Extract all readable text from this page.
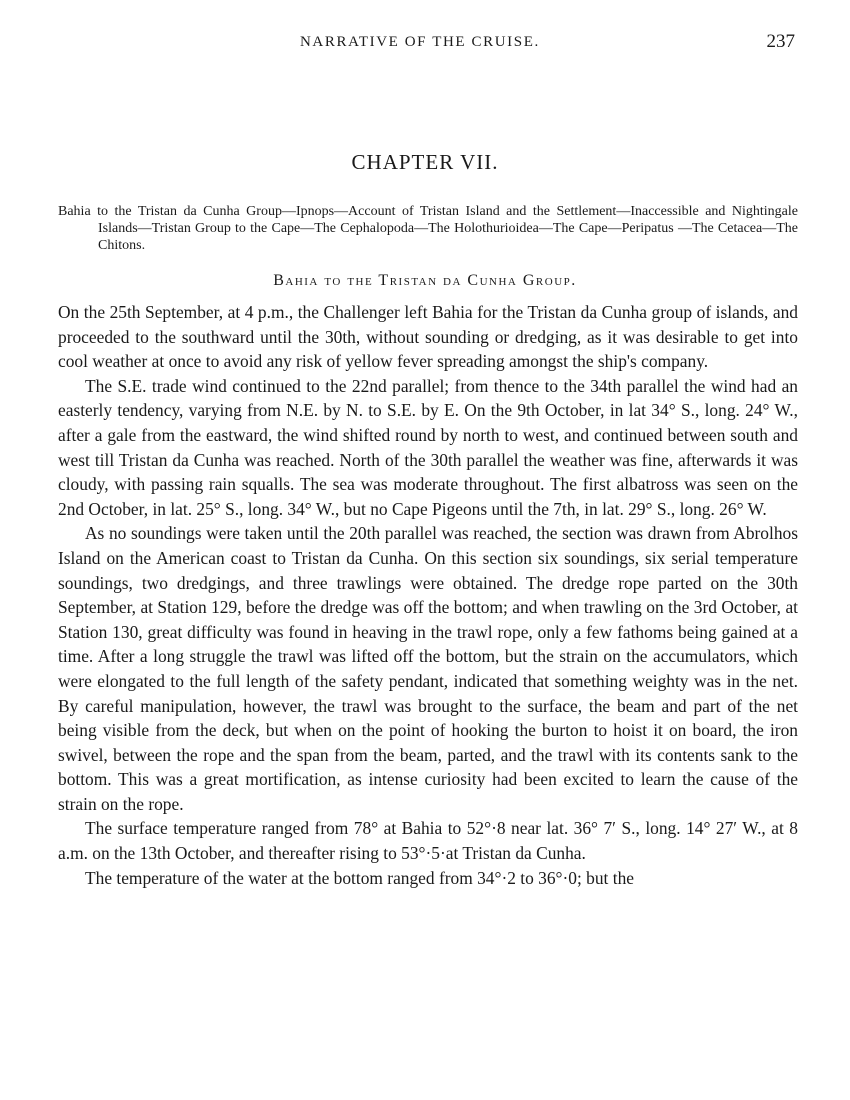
NARRATIVE OF THE CRUISE.	237
CHAPTER VII.

Bahia to the Tristan da Cunha Group—Ipnops—Account of Tristan Island and the Settlement—Inaccessible and Nightingale Islands—Tristan Group to the Cape—The Cephalopoda—The Holothurioidea—The Cape—Peripatus —The Cetacea—The Chitons.

Bahia to the Tristan da Cunha Group.

On the 25th September, at 4 p.m., the Challenger left Bahia for the Tristan da Cunha group of islands, and proceeded to the southward until the 30th, without sounding or dredging, as it was desirable to get into cool weather at once to avoid any risk of yellow fever spreading amongst the ship's company.

The S.E. trade wind continued to the 22nd parallel; from thence to the 34th parallel the wind had an easterly tendency, varying from N.E. by N. to S.E. by E. On the 9th October, in lat 34° S., long. 24° W., after a gale from the eastward, the wind shifted round by north to west, and continued between south and west till Tristan da Cunha was reached. North of the 30th parallel the weather was fine, afterwards it was cloudy, with passing rain squalls. The sea was moderate throughout. The first albatross was seen on the 2nd October, in lat. 25° S., long. 34° W., but no Cape Pigeons until the 7th, in lat. 29° S., long. 26° W.

As no soundings were taken until the 20th parallel was reached, the section was drawn from Abrolhos Island on the American coast to Tristan da Cunha. On this section six soundings, six serial temperature soundings, two dredgings, and three trawlings were obtained. The dredge rope parted on the 30th September, at Station 129, before the dredge was off the bottom; and when trawling on the 3rd October, at Station 130, great difficulty was found in heaving in the trawl rope, only a few fathoms being gained at a time. After a long struggle the trawl was lifted off the bottom, but the strain on the accumulators, which were elongated to the full length of the safety pendant, indicated that something weighty was in the net. By careful manipulation, however, the trawl was brought to the surface, the beam and part of the net being visible from the deck, but when on the point of hooking the burton to hoist it on board, the iron swivel, between the rope and the span from the beam, parted, and the trawl with its contents sank to the bottom. This was a great mortification, as intense curiosity had been excited to learn the cause of the strain on the rope.

The surface temperature ranged from 78° at Bahia to 52°·8 near lat. 36° 7′ S., long. 14° 27′ W., at 8 a.m. on the 13th October, and thereafter rising to 53°·5·at Tristan da Cunha.

The temperature of the water at the bottom ranged from 34°·2 to 36°·0; but the
